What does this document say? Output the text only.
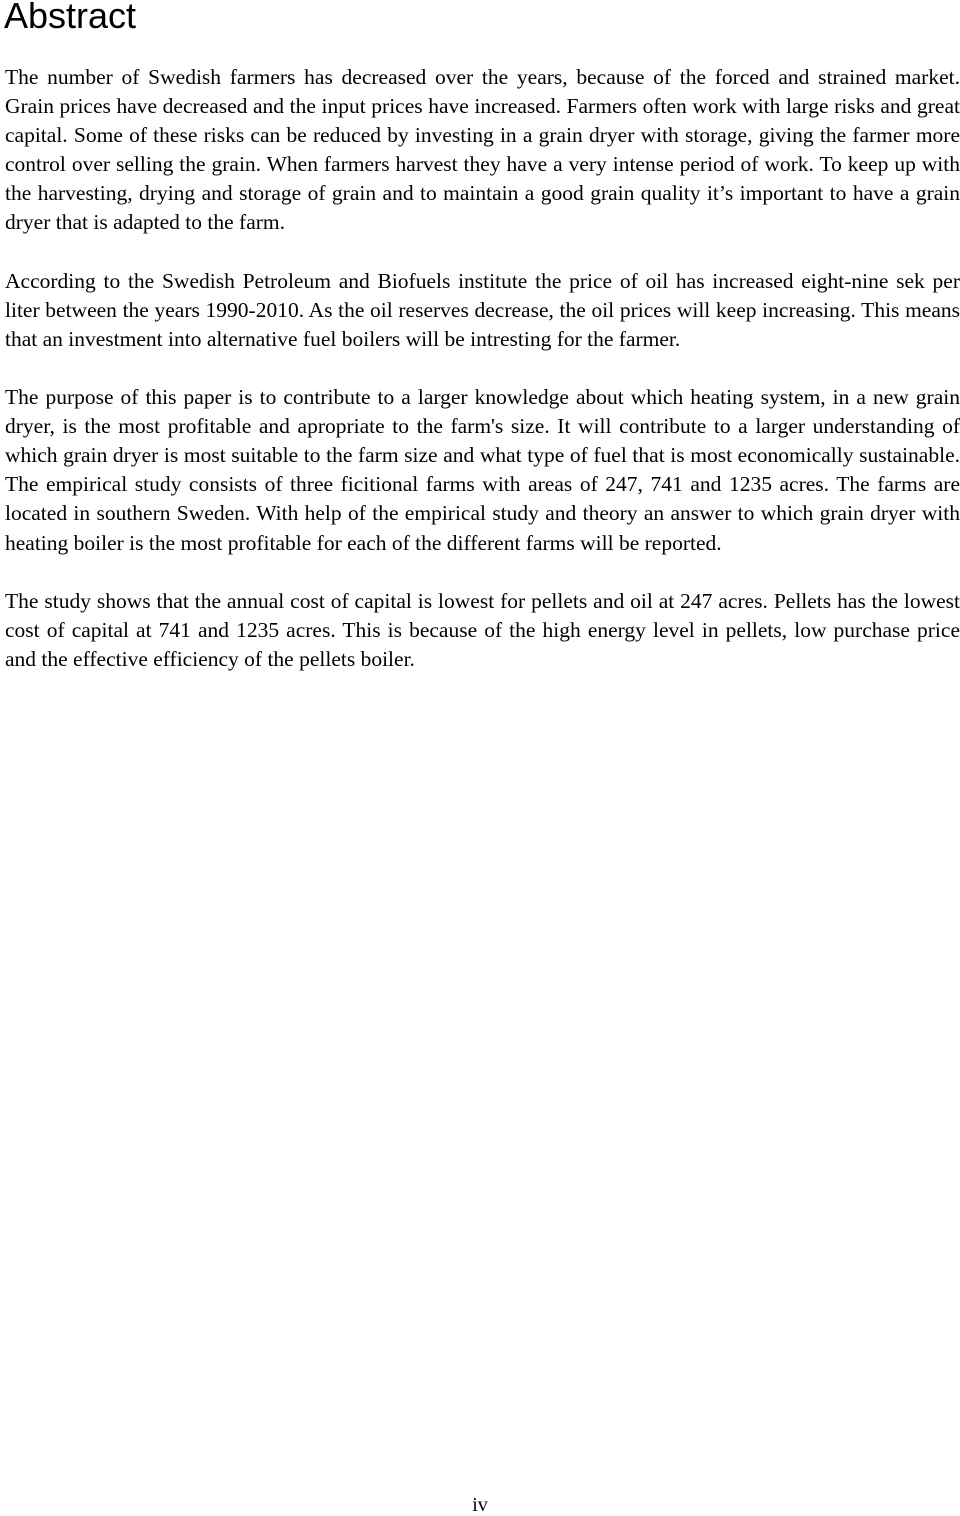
Abstract

The number of Swedish farmers has decreased over the years, because of the forced and strained market. Grain prices have decreased and the input prices have increased. Farmers often work with large risks and great capital. Some of these risks can be reduced by investing in a grain dryer with storage, giving the farmer more control over selling the grain. When farmers harvest they have a very intense period of work. To keep up with the harvesting, drying and storage of grain and to maintain a good grain quality it’s important to have a grain dryer that is adapted to the farm.

According to the Swedish Petroleum and Biofuels institute the price of oil has increased eight-nine sek per liter between the years 1990-2010. As the oil reserves decrease, the oil prices will keep increasing. This means that an investment into alternative fuel boilers will be intresting for the farmer.

The purpose of this paper is to contribute to a larger knowledge about which heating system, in a new grain dryer, is the most profitable and apropriate to the farm's size. It will contribute to a larger understanding of which grain dryer is most suitable to the farm size and what type of fuel that is most economically sustainable. The empirical study consists of three ficitional farms with areas of 247, 741 and 1235 acres. The farms are located in southern Sweden. With help of the empirical study and theory an answer to which grain dryer with heating boiler is the most profitable for each of the different farms will be reported.

The study shows that the annual cost of capital is lowest for pellets and oil at 247 acres. Pellets has the lowest cost of capital at 741 and 1235 acres. This is because of the high energy level in pellets, low purchase price and the effective efficiency of the pellets boiler.

iv
